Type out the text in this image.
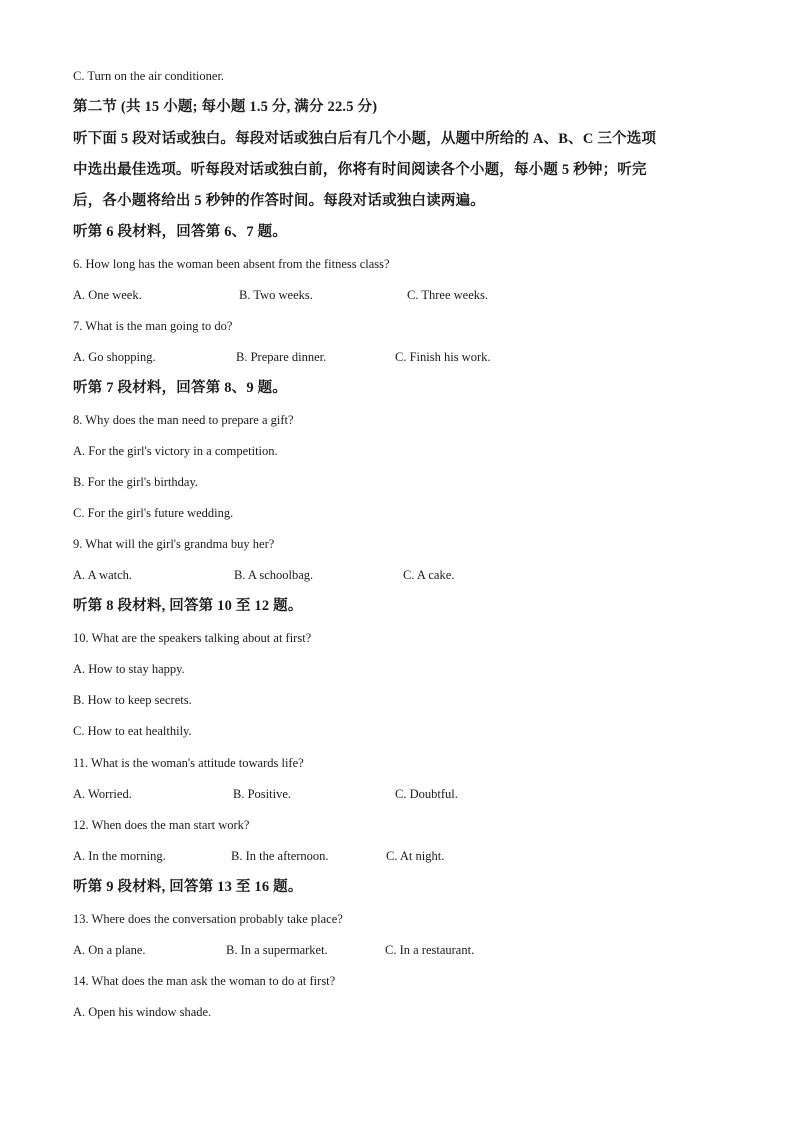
C. Turn on the air conditioner.
第二节 (共 15 小题; 每小题 1.5 分, 满分 22.5 分)
听下面 5 段对话或独白。每段对话或独白后有几个小题，从题中所给的 A、B、C 三个选项
中选出最佳选项。听每段对话或独白前，你将有时间阅读各个小题，每小题 5 秒钟；听完
后，各小题将给出 5 秒钟的作答时间。每段对话或独白读两遍。
听第 6 段材料，回答第 6、7 题。
6. How long has the woman been absent from the fitness class?
A. One week.	B. Two weeks.	C. Three weeks.
7. What is the man going to do?
A. Go shopping.	B. Prepare dinner.	C. Finish his work.
听第 7 段材料，回答第 8、9 题。
8. Why does the man need to prepare a gift?
A. For the girl's victory in a competition.
B. For the girl's birthday.
C. For the girl's future wedding.
9. What will the girl's grandma buy her?
A. A watch.	B. A schoolbag.	C. A cake.
听第 8 段材料, 回答第 10 至 12 题。
10. What are the speakers talking about at first?
A. How to stay happy.
B. How to keep secrets.
C. How to eat healthily.
11. What is the woman's attitude towards life?
A. Worried.	B. Positive.	C. Doubtful.
12. When does the man start work?
A. In the morning.	B. In the afternoon.	C. At night.
听第 9 段材料, 回答第 13 至 16 题。
13. Where does the conversation probably take place?
A. On a plane.	B. In a supermarket.	C. In a restaurant.
14. What does the man ask the woman to do at first?
A. Open his window shade.
